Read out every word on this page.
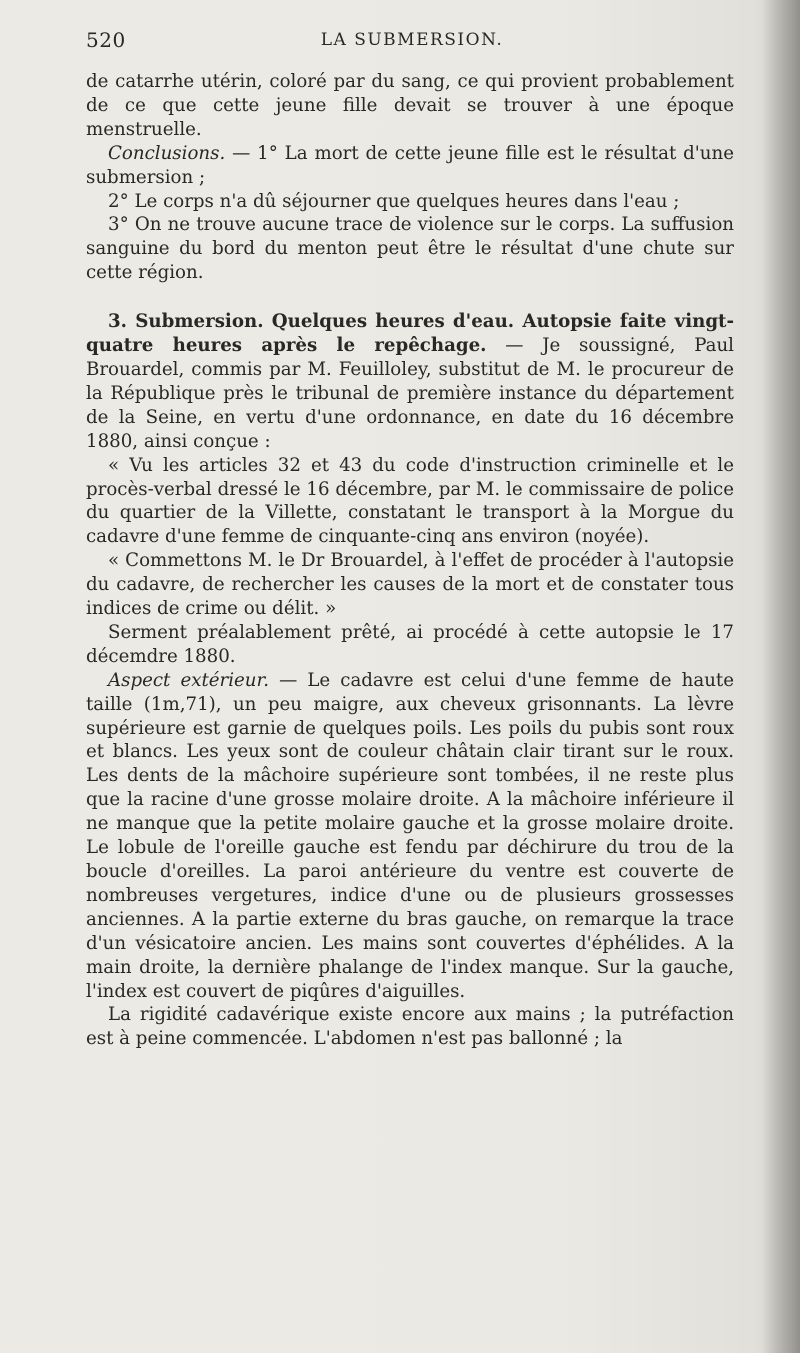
520	LA SUBMERSION.

de catarrhe utérin, coloré par du sang, ce qui provient probablement de ce que cette jeune fille devait se trouver à une époque menstruelle.

Conclusions. — 1° La mort de cette jeune fille est le résultat d'une submersion ;

2° Le corps n'a dû séjourner que quelques heures dans l'eau ;

3° On ne trouve aucune trace de violence sur le corps. La suffusion sanguine du bord du menton peut être le résultat d'une chute sur cette région.

3. Submersion. Quelques heures d'eau. Autopsie faite vingt-quatre heures après le repêchage. — Je soussigné, Paul Brouardel, commis par M. Feuilloley, substitut de M. le procureur de la République près le tribunal de première instance du département de la Seine, en vertu d'une ordonnance, en date du 16 décembre 1880, ainsi conçue :

« Vu les articles 32 et 43 du code d'instruction criminelle et le procès-verbal dressé le 16 décembre, par M. le commissaire de police du quartier de la Villette, constatant le transport à la Morgue du cadavre d'une femme de cinquante-cinq ans environ (noyée).

« Commettons M. le Dr Brouardel, à l'effet de procéder à l'autopsie du cadavre, de rechercher les causes de la mort et de constater tous indices de crime ou délit. »

Serment préalablement prêté, ai procédé à cette autopsie le 17 décemdre 1880.

Aspect extérieur. — Le cadavre est celui d'une femme de haute taille (1m,71), un peu maigre, aux cheveux grisonnants. La lèvre supérieure est garnie de quelques poils. Les poils du pubis sont roux et blancs. Les yeux sont de couleur châtain clair tirant sur le roux. Les dents de la mâchoire supérieure sont tombées, il ne reste plus que la racine d'une grosse molaire droite. A la mâchoire inférieure il ne manque que la petite molaire gauche et la grosse molaire droite. Le lobule de l'oreille gauche est fendu par déchirure du trou de la boucle d'oreilles. La paroi antérieure du ventre est couverte de nombreuses vergetures, indice d'une ou de plusieurs grossesses anciennes. A la partie externe du bras gauche, on remarque la trace d'un vésicatoire ancien. Les mains sont couvertes d'éphélides. A la main droite, la dernière phalange de l'index manque. Sur la gauche, l'index est couvert de piqûres d'aiguilles.

La rigidité cadavérique existe encore aux mains ; la putréfaction est à peine commencée. L'abdomen n'est pas ballonné ; la
